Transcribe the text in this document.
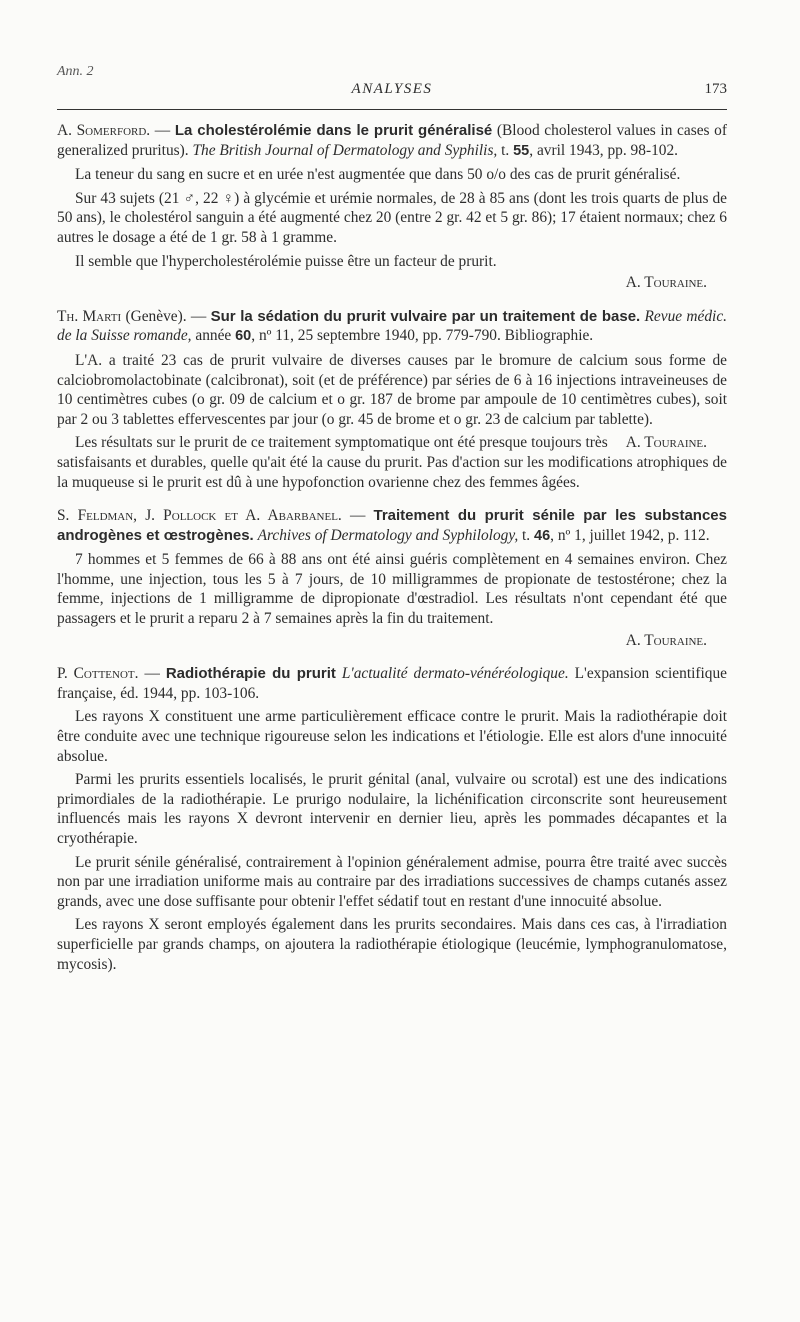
Ann. 2
ANALYSES	173

A. Somerford. — La cholestérolémie dans le prurit généralisé (Blood cholesterol values in cases of generalized pruritus). The British Journal of Dermatology and Syphilis, t. 55, avril 1943, pp. 98-102.

La teneur du sang en sucre et en urée n'est augmentée que dans 50 o/o des cas de prurit généralisé.

Sur 43 sujets (21 ♂, 22 ♀) à glycémie et urémie normales, de 28 à 85 ans (dont les trois quarts de plus de 50 ans), le cholestérol sanguin a été augmenté chez 20 (entre 2 gr. 42 et 5 gr. 86); 17 étaient normaux; chez 6 autres le dosage a été de 1 gr. 58 à 1 gramme.

Il semble que l'hypercholestérolémie puisse être un facteur de prurit.

A. Touraine.

Th. Marti (Genève). — Sur la sédation du prurit vulvaire par un traitement de base. Revue médic. de la Suisse romande, année 60, nº 11, 25 septembre 1940, pp. 779-790. Bibliographie.

L'A. a traité 23 cas de prurit vulvaire de diverses causes par le bromure de calcium sous forme de calciobromolactobinate (calcibronat), soit (et de préférence) par séries de 6 à 16 injections intraveineuses de 10 centimètres cubes (o gr. 09 de calcium et o gr. 187 de brome par ampoule de 10 centimètres cubes), soit par 2 ou 3 tablettes effervescentes par jour (o gr. 45 de brome et o gr. 23 de calcium par tablette).

A. Touraine.
Les résultats sur le prurit de ce traitement symptomatique ont été presque toujours très satisfaisants et durables, quelle qu'ait été la cause du prurit. Pas d'action sur les modifications atrophiques de la muqueuse si le prurit est dû à une hypofonction ovarienne chez des femmes âgées.

S. Feldman, J. Pollock et A. Abarbanel. — Traitement du prurit sénile par les substances androgènes et œstrogènes. Archives of Dermatology and Syphilology, t. 46, nº 1, juillet 1942, p. 112.

7 hommes et 5 femmes de 66 à 88 ans ont été ainsi guéris complètement en 4 semaines environ. Chez l'homme, une injection, tous les 5 à 7 jours, de 10 milligrammes de propionate de testostérone; chez la femme, injections de 1 milligramme de dipropionate d'œstradiol. Les résultats n'ont cependant été que passagers et le prurit a reparu 2 à 7 semaines après la fin du traitement.

A. Touraine.

P. Cottenot. — Radiothérapie du prurit L'actualité dermato-vénéréologique. L'expansion scientifique française, éd. 1944, pp. 103-106.

Les rayons X constituent une arme particulièrement efficace contre le prurit. Mais la radiothérapie doit être conduite avec une technique rigoureuse selon les indications et l'étiologie. Elle est alors d'une innocuité absolue.

Parmi les prurits essentiels localisés, le prurit génital (anal, vulvaire ou scrotal) est une des indications primordiales de la radiothérapie. Le prurigo nodulaire, la lichénification circonscrite sont heureusement influencés mais les rayons X devront intervenir en dernier lieu, après les pommades décapantes et la cryothérapie.

Le prurit sénile généralisé, contrairement à l'opinion généralement admise, pourra être traité avec succès non par une irradiation uniforme mais au contraire par des irradiations successives de champs cutanés assez grands, avec une dose suffisante pour obtenir l'effet sédatif tout en restant d'une innocuité absolue.

Les rayons X seront employés également dans les prurits secondaires. Mais dans ces cas, à l'irradiation superficielle par grands champs, on ajoutera la radiothérapie étiologique (leucémie, lymphogranulomatose, mycosis).
